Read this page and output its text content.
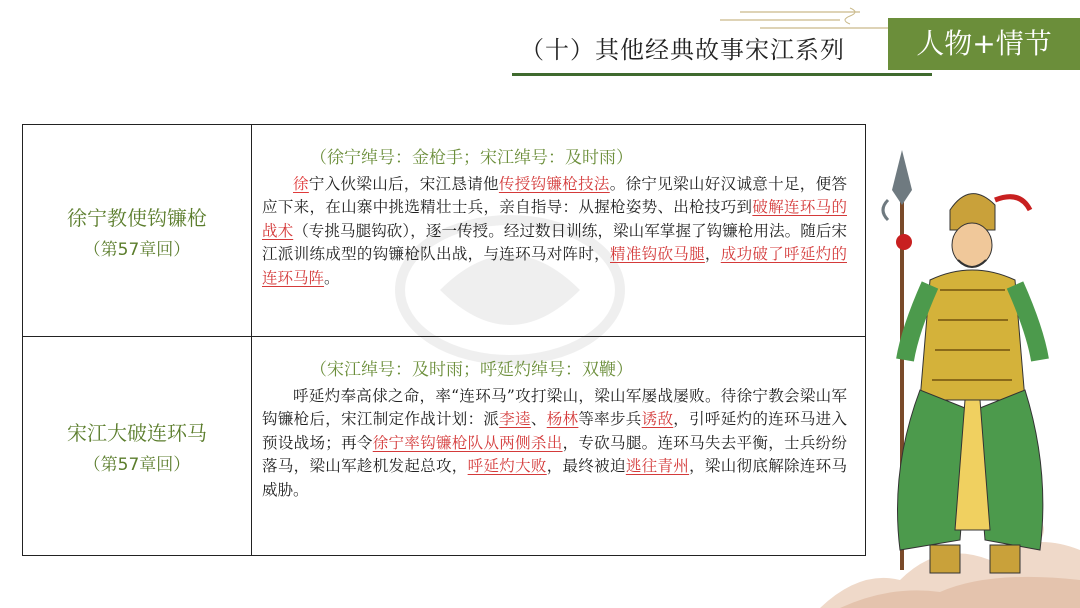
（十）其他经典故事宋江系列	人物+情节
徐宁教使钩镰枪
（第57章回）
（徐宁绰号：金枪手；宋江绰号：及时雨）
徐宁入伙梁山后，宋江恳请他传授钩镰枪技法。徐宁见梁山好汉诚意十足，便答应下来，在山寨中挑选精壮士兵，亲自指导：从握枪姿势、出枪技巧到破解连环马的战术（专挑马腿钩砍），逐一传授。经过数日训练，梁山军掌握了钩镰枪用法。随后宋江派训练成型的钩镰枪队出战，与连环马对阵时，精准钩砍马腿，成功破了呼延灼的连环马阵。
宋江大破连环马
（第57章回）
（宋江绰号：及时雨；呼延灼绰号：双鞭）
呼延灼奉高俅之命，率“连环马”攻打梁山，梁山军屡战屡败。待徐宁教会梁山军钩镰枪后，宋江制定作战计划：派李逵、杨林等率步兵诱敌，引呼延灼的连环马进入预设战场；再令徐宁率钩镰枪队从两侧杀出，专砍马腿。连环马失去平衡，士兵纷纷落马，梁山军趁机发起总攻，呼延灼大败，最终被迫逃往青州，梁山彻底解除连环马威胁。
